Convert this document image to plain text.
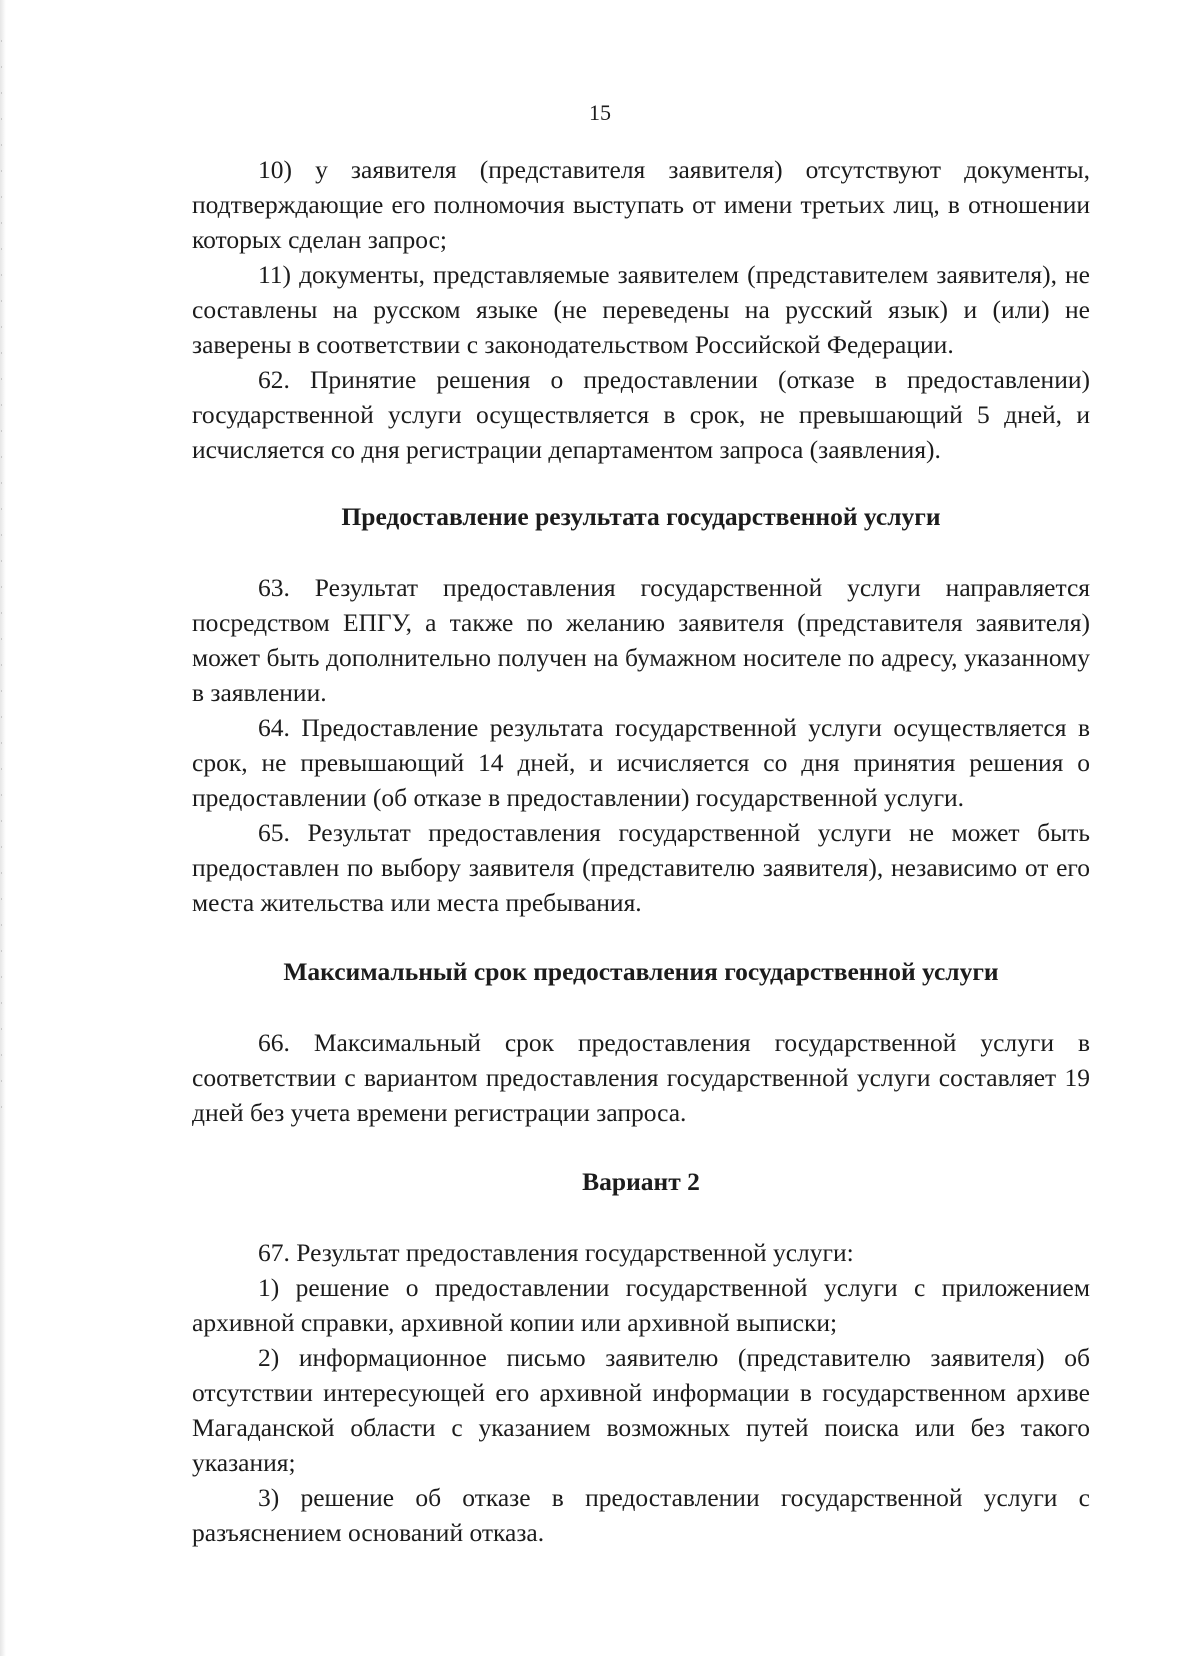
15

10) у заявителя (представителя заявителя) отсутствуют документы, подтверждающие его полномочия выступать от имени третьих лиц, в отношении которых сделан запрос;

11) документы, представляемые заявителем (представителем заявителя), не составлены на русском языке (не переведены на русский язык) и (или) не заверены в соответствии с законодательством Российской Федерации.

62. Принятие решения о предоставлении (отказе в предоставлении) государственной услуги осуществляется в срок, не превышающий 5 дней, и исчисляется со дня регистрации департаментом запроса (заявления).

Предоставление результата государственной услуги

63. Результат предоставления государственной услуги направляется посредством ЕПГУ, а также по желанию заявителя (представителя заявителя) может быть дополнительно получен на бумажном носителе по адресу, указанному в заявлении.

64. Предоставление результата государственной услуги осуществляется в срок, не превышающий 14 дней, и исчисляется со дня принятия решения о предоставлении (об отказе в предоставлении) государственной услуги.

65. Результат предоставления государственной услуги не может быть предоставлен по выбору заявителя (представителю заявителя), независимо от его места жительства или места пребывания.

Максимальный срок предоставления государственной услуги

66. Максимальный срок предоставления государственной услуги в соответствии с вариантом предоставления государственной услуги составляет 19 дней без учета времени регистрации запроса.

Вариант 2

67. Результат предоставления государственной услуги:

1) решение о предоставлении государственной услуги с приложением архивной справки, архивной копии или архивной выписки;

2) информационное письмо заявителю (представителю заявителя) об отсутствии интересующей его архивной информации в государственном архиве Магаданской области с указанием возможных путей поиска или без такого указания;

3) решение об отказе в предоставлении государственной услуги с разъяснением оснований отказа.
